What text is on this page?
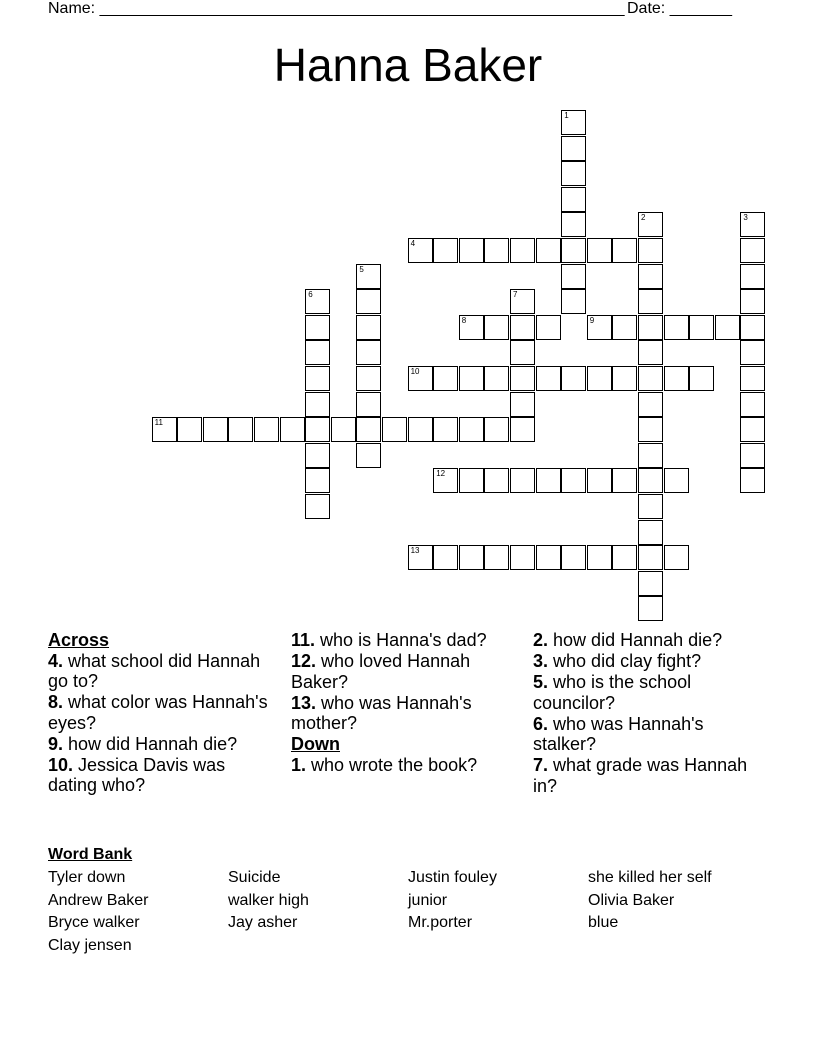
Name: ___________________________________________________________ Date: _______
Hanna Baker
1
2	3
4
5
6	7
8	9
10
11
12
13
Across
4. what school did Hannah go to?
8. what color was Hannah's eyes?
9. how did Hannah die?
10. Jessica Davis was dating who?
11. who is Hanna's dad?
12. who loved Hannah Baker?
13. who was Hannah's mother?
Down
1. who wrote the book?
2. how did Hannah die?
3. who did clay fight?
5. who is the school councilor?
6. who was Hannah's stalker?
7. what grade was Hannah in?
Word Bank
Tyler down
Andrew Baker
Bryce walker
Clay jensen
Suicide
walker high
Jay asher
Justin fouley
junior
Mr.porter
she killed her self
Olivia Baker
blue
